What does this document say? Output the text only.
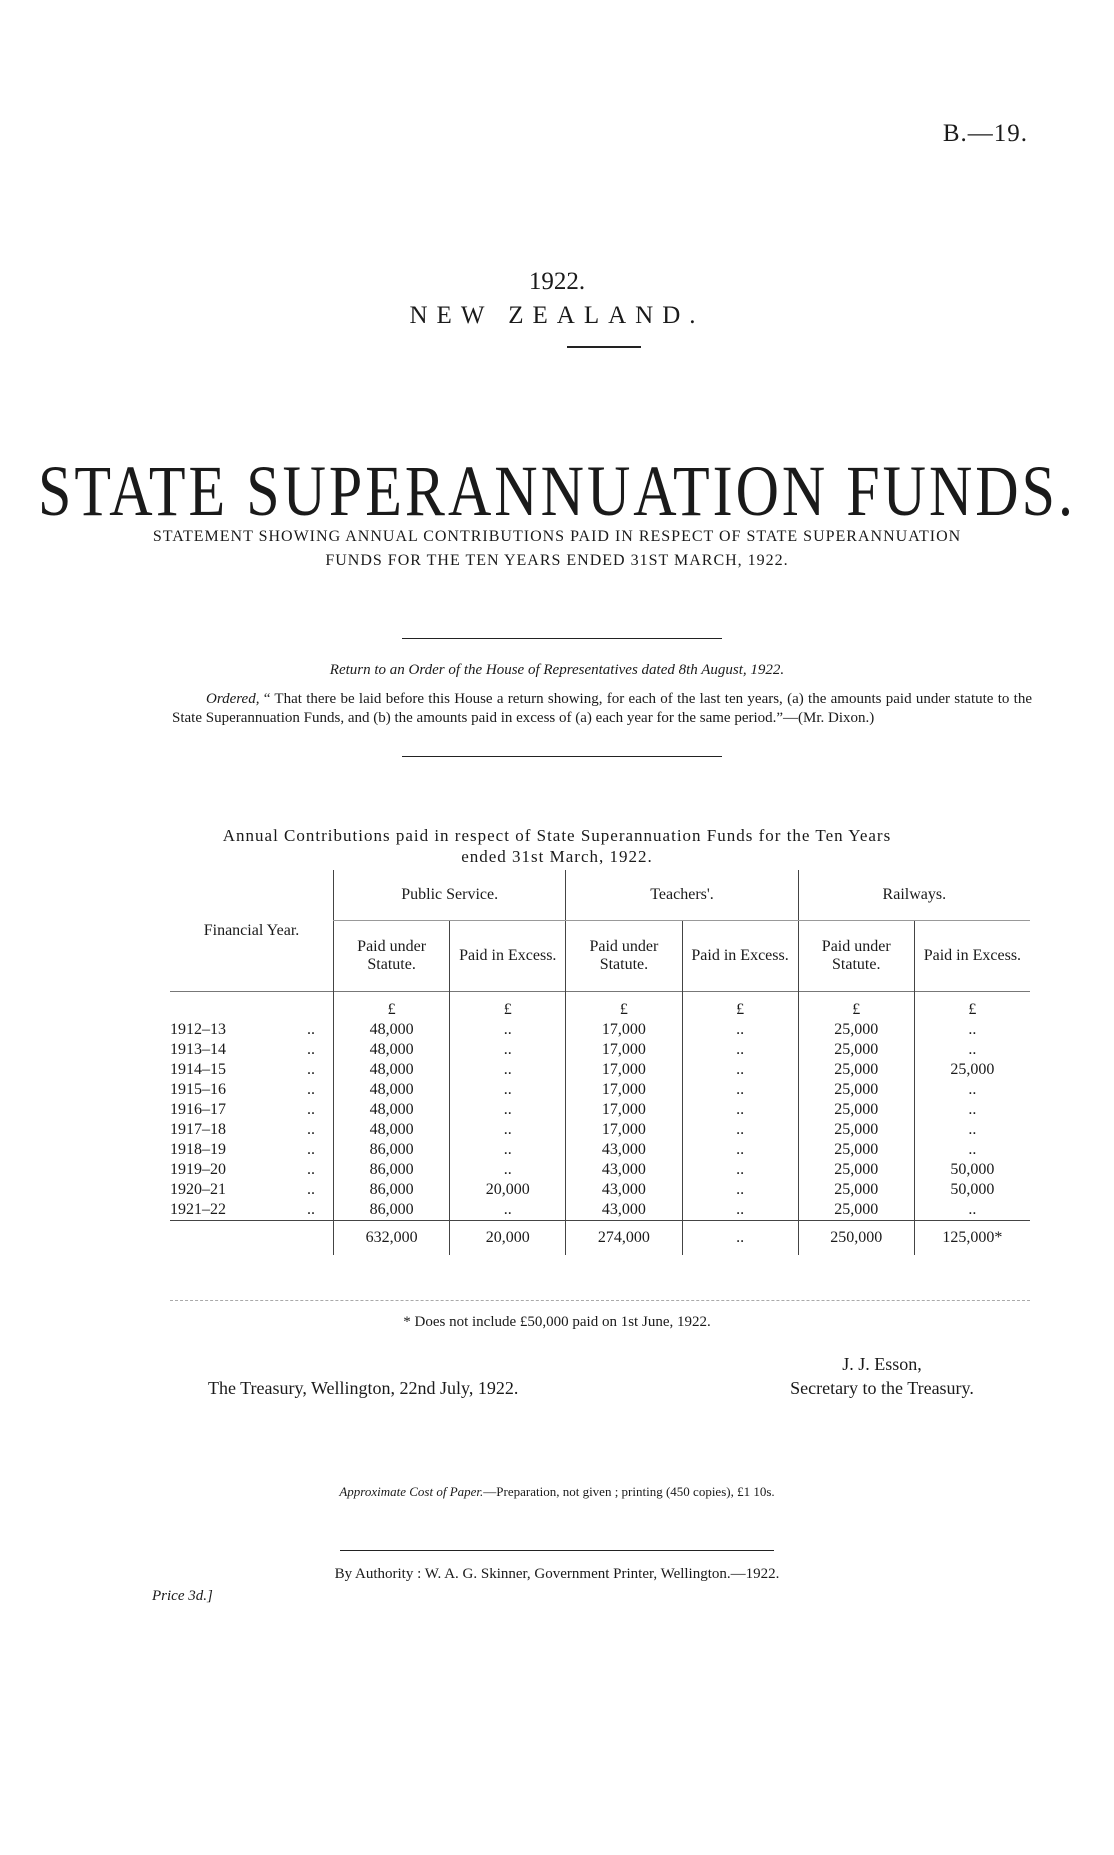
B.—19.
1922.
NEW ZEALAND.
STATE SUPERANNUATION FUNDS.
STATEMENT SHOWING ANNUAL CONTRIBUTIONS PAID IN RESPECT OF STATE SUPERANNUATION
FUNDS FOR THE TEN YEARS ENDED 31ST MARCH, 1922.
Return to an Order of the House of Representatives dated 8th August, 1922.
Ordered, “ That there be laid before this House a return showing, for each of the last ten years, (a) the amounts paid under statute to the State Superannuation Funds, and (b) the amounts paid in excess of (a) each year for the same period.”—(Mr. Dixon.)
Annual Contributions paid in respect of State Superannuation Funds for the Ten Years
ended 31st March, 1922.
Financial Year.	Public Service.		Teachers'.		Railways.	
	Paid under Statute.	Paid in Excess.	Paid under Statute.	Paid in Excess.	Paid under Statute.	Paid in Excess.
	£	£	£	£	£	£
1912–13 ..	48,000	..	17,000	..	25,000	..
1913–14 ..	48,000	..	17,000	..	25,000	..
1914–15 ..	48,000	..	17,000	..	25,000	25,000
1915–16 ..	48,000	..	17,000	..	25,000	..
1916–17 ..	48,000	..	17,000	..	25,000	..
1917–18 ..	48,000	..	17,000	..	25,000	..
1918–19 ..	86,000	..	43,000	..	25,000	..
1919–20 ..	86,000	..	43,000	..	25,000	50,000
1920–21 ..	86,000	20,000	43,000	..	25,000	50,000
1921–22 ..	86,000	..	43,000	..	25,000	..
	632,000	20,000	274,000	..	250,000	125,000*
* Does not include £50,000 paid on 1st June, 1922.
J. J. Esson,
Secretary to the Treasury.
The Treasury, Wellington, 22nd July, 1922.
Approximate Cost of Paper.—Preparation, not given ; printing (450 copies), £1 10s.
By Authority : W. A. G. Skinner, Government Printer, Wellington.—1922.
Price 3d.]
